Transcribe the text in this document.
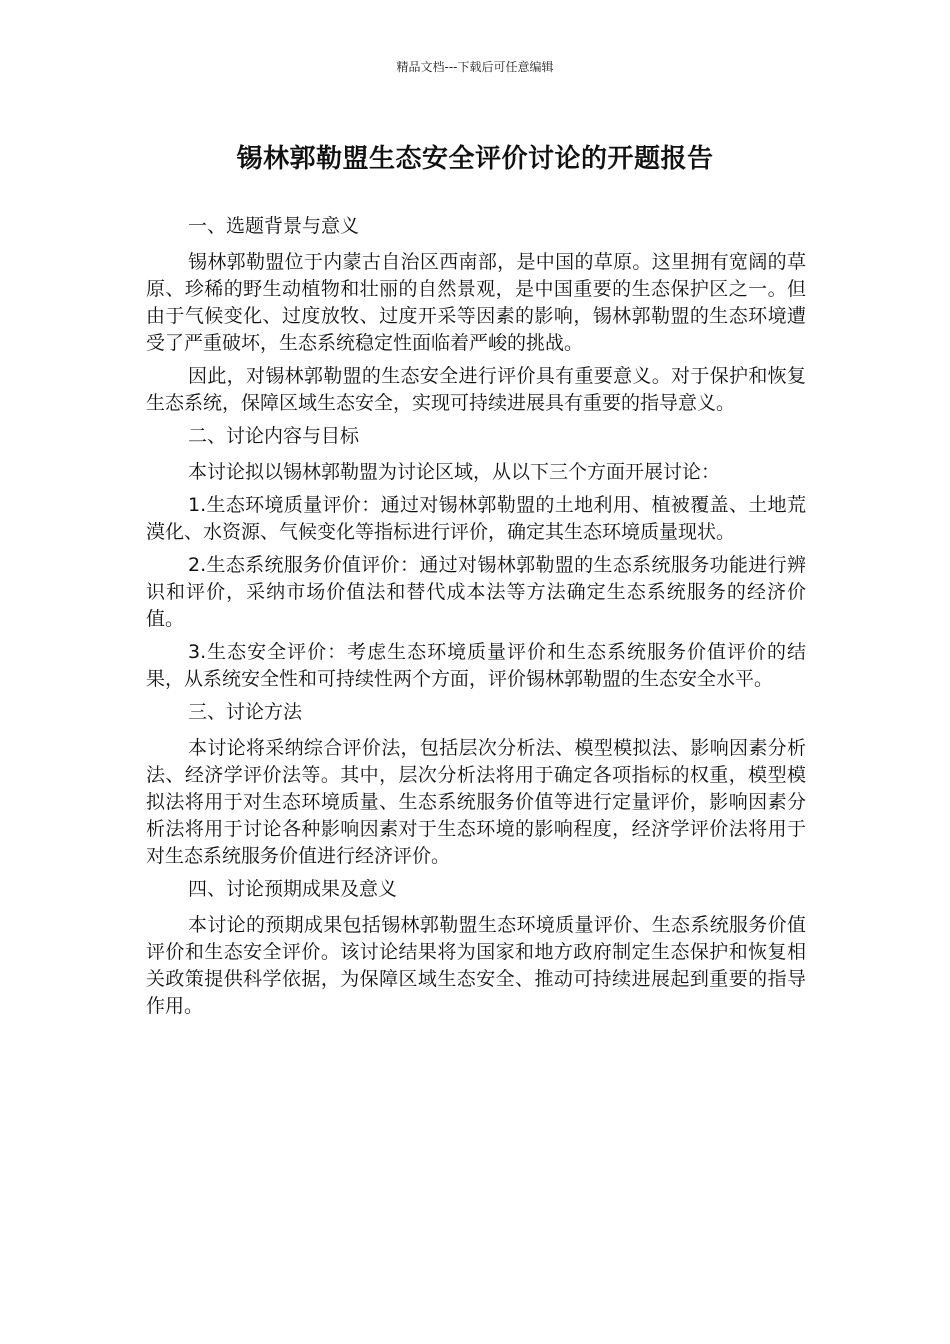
精品文档---下载后可任意编辑
锡林郭勒盟生态安全评价讨论的开题报告

一、选题背景与意义

锡林郭勒盟位于内蒙古自治区西南部，是中国的草原。这里拥有宽阔的草原、珍稀的野生动植物和壮丽的自然景观，是中国重要的生态保护区之一。但由于气候变化、过度放牧、过度开采等因素的影响，锡林郭勒盟的生态环境遭受了严重破坏，生态系统稳定性面临着严峻的挑战。

因此，对锡林郭勒盟的生态安全进行评价具有重要意义。对于保护和恢复生态系统，保障区域生态安全，实现可持续进展具有重要的指导意义。

二、讨论内容与目标

本讨论拟以锡林郭勒盟为讨论区域，从以下三个方面开展讨论：

1.生态环境质量评价：通过对锡林郭勒盟的土地利用、植被覆盖、土地荒漠化、水资源、气候变化等指标进行评价，确定其生态环境质量现状。

2.生态系统服务价值评价：通过对锡林郭勒盟的生态系统服务功能进行辨识和评价，采纳市场价值法和替代成本法等方法确定生态系统服务的经济价值。

3.生态安全评价：考虑生态环境质量评价和生态系统服务价值评价的结果，从系统安全性和可持续性两个方面，评价锡林郭勒盟的生态安全水平。

三、讨论方法

本讨论将采纳综合评价法，包括层次分析法、模型模拟法、影响因素分析法、经济学评价法等。其中，层次分析法将用于确定各项指标的权重，模型模拟法将用于对生态环境质量、生态系统服务价值等进行定量评价，影响因素分析法将用于讨论各种影响因素对于生态环境的影响程度，经济学评价法将用于对生态系统服务价值进行经济评价。

四、讨论预期成果及意义

本讨论的预期成果包括锡林郭勒盟生态环境质量评价、生态系统服务价值评价和生态安全评价。该讨论结果将为国家和地方政府制定生态保护和恢复相关政策提供科学依据，为保障区域生态安全、推动可持续进展起到重要的指导作用。
